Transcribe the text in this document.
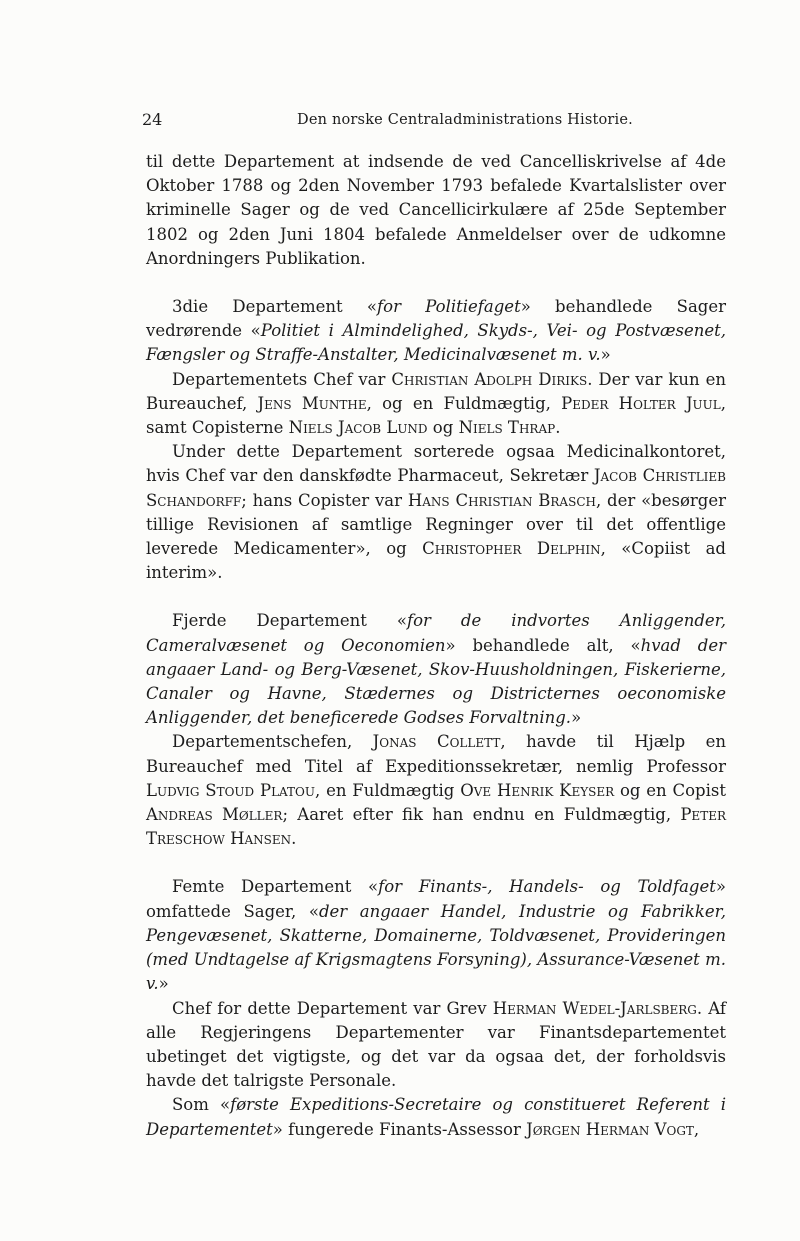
24	Den norske Centraladministrations Historie.

til dette Departement at indsende de ved Cancelliskrivelse af 4de Oktober 1788 og 2den November 1793 befalede Kvartalslister over kriminelle Sager og de ved Cancellicirkulære af 25de September 1802 og 2den Juni 1804 befalede Anmeldelser over de udkomne Anordningers Publikation.

3die Departement «for Politiefaget» behandlede Sager vedrørende «Politiet i Almindelighed, Skyds-, Vei- og Postvæsenet, Fængsler og Straffe-Anstalter, Medicinalvæsenet m. v.»

Departementets Chef var Christian Adolph Diriks. Der var kun en Bureauchef, Jens Munthe, og en Fuldmægtig, Peder Holter Juul, samt Copisterne Niels Jacob Lund og Niels Thrap.

Under dette Departement sorterede ogsaa Medicinalkontoret, hvis Chef var den danskfødte Pharmaceut, Sekretær Jacob Christlieb Schandorff; hans Copister var Hans Christian Brasch, der «besørger tillige Revisionen af samtlige Regninger over til det offentlige leverede Medicamenter», og Christopher Delphin, «Copiist ad interim».

Fjerde Departement «for de indvortes Anliggender, Cameralvæsenet og Oeconomien» behandlede alt, «hvad der angaaer Land- og Berg-Væsenet, Skov-Huusholdningen, Fiskerierne, Canaler og Havne, Stædernes og Districternes oeconomiske Anliggender, det beneficerede Godses Forvaltning.»

Departementschefen, Jonas Collett, havde til Hjælp en Bureauchef med Titel af Expeditionssekretær, nemlig Professor Ludvig Stoud Platou, en Fuldmægtig Ove Henrik Keyser og en Copist Andreas Møller; Aaret efter fik han endnu en Fuldmægtig, Peter Treschow Hansen.

Femte Departement «for Finants-, Handels- og Toldfaget» omfattede Sager, «der angaaer Handel, Industrie og Fabrikker, Pengevæsenet, Skatterne, Domainerne, Toldvæsenet, Provideringen (med Undtagelse af Krigsmagtens Forsyning), Assurance-Væsenet m. v.»

Chef for dette Departement var Grev Herman Wedel-Jarlsberg. Af alle Regjeringens Departementer var Finantsdepartementet ubetinget det vigtigste, og det var da ogsaa det, der forholdsvis havde det talrigste Personale.

Som «første Expeditions-Secretaire og constitueret Referent i Departementet» fungerede Finants-Assessor Jørgen Herman Vogt,
